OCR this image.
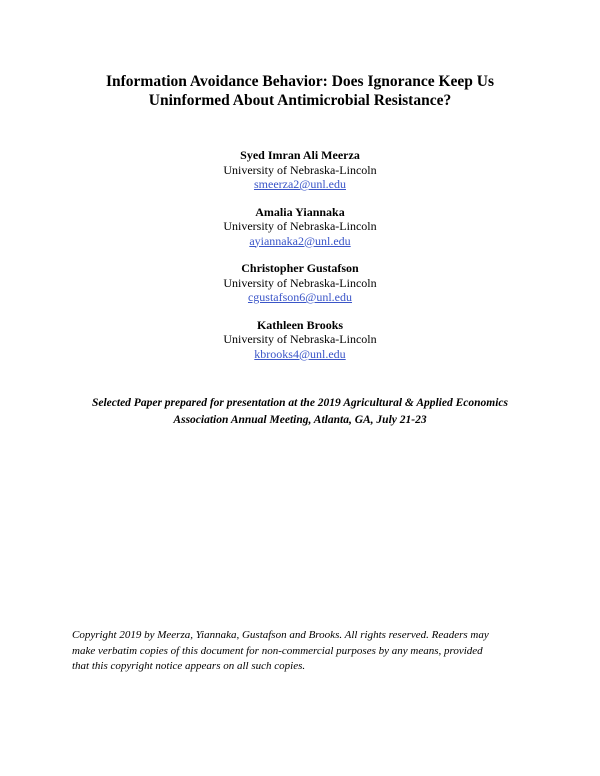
Information Avoidance Behavior: Does Ignorance Keep Us
Uninformed About Antimicrobial Resistance?
Syed Imran Ali Meerza
University of Nebraska-Lincoln
smeerza2@unl.edu
Amalia Yiannaka
University of Nebraska-Lincoln
ayiannaka2@unl.edu
Christopher Gustafson
University of Nebraska-Lincoln
cgustafson6@unl.edu
Kathleen Brooks
University of Nebraska-Lincoln
kbrooks4@unl.edu
Selected Paper prepared for presentation at the 2019 Agricultural & Applied Economics
Association Annual Meeting, Atlanta, GA, July 21-23
Copyright 2019 by Meerza, Yiannaka, Gustafson and Brooks. All rights reserved. Readers may
make verbatim copies of this document for non-commercial purposes by any means, provided
that this copyright notice appears on all such copies.
